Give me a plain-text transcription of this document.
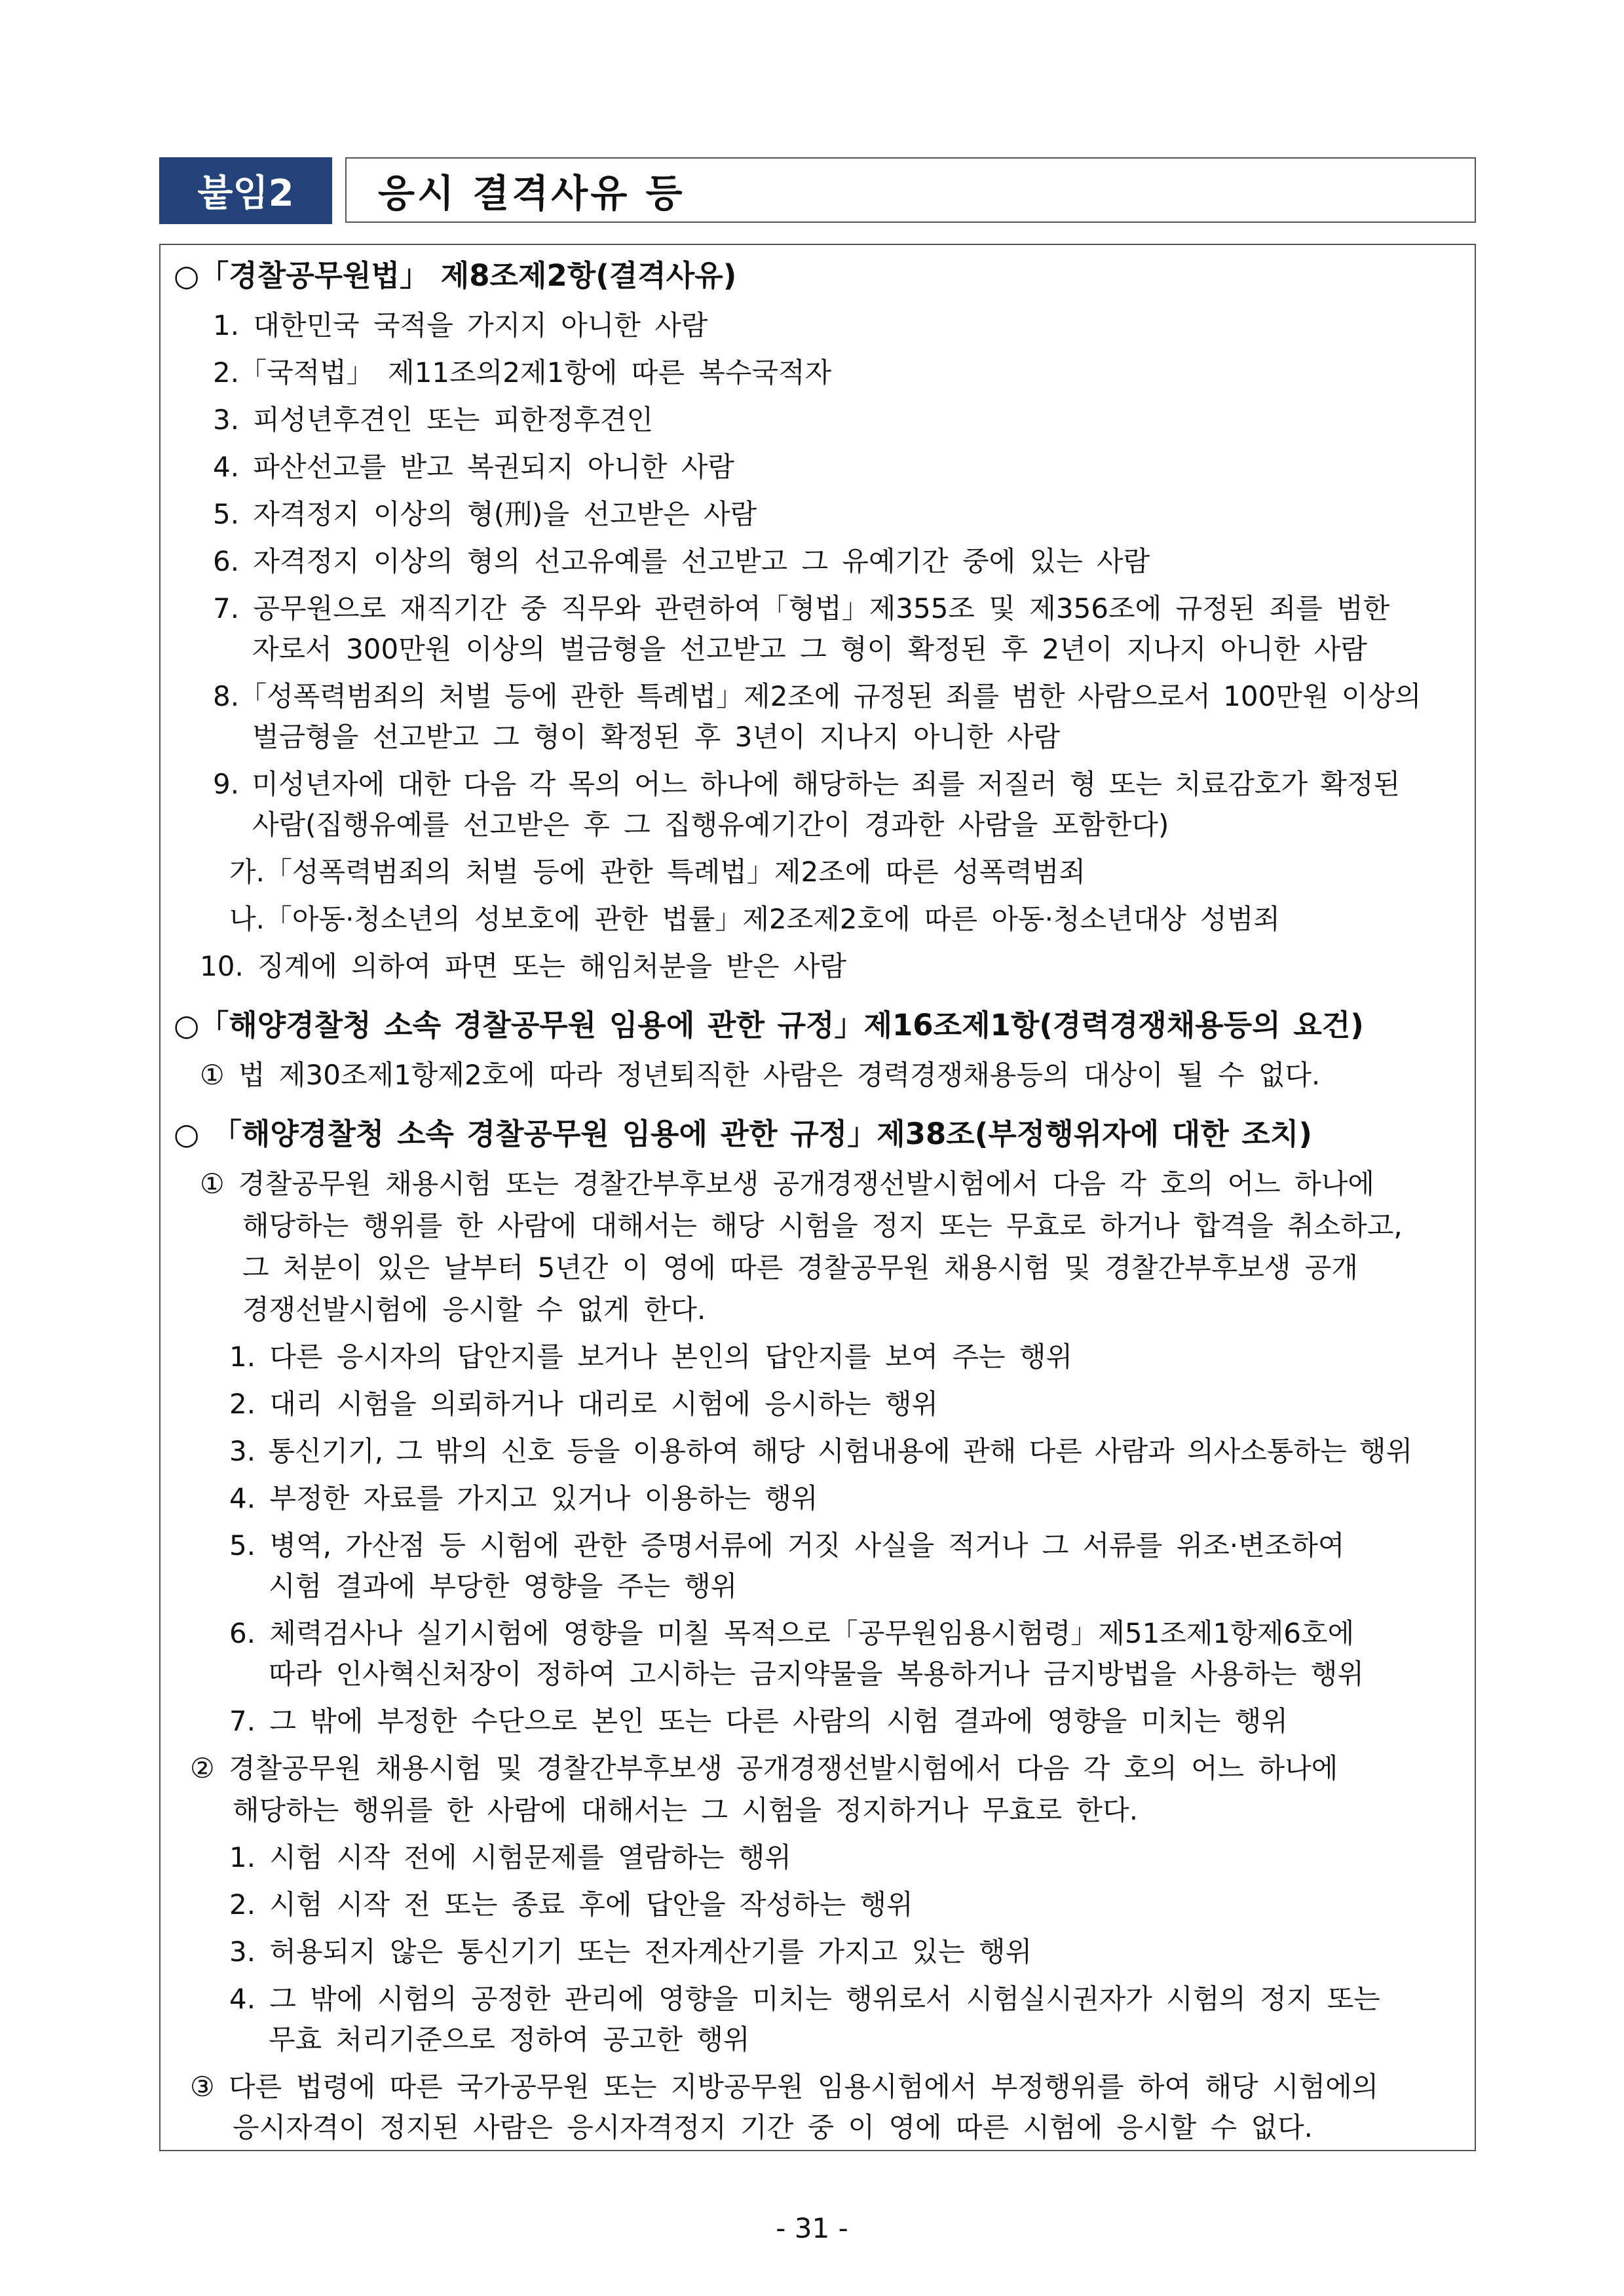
붙임2	응시 결격사유 등
○「경찰공무원법」 제8조제2항(결격사유)
1. 대한민국 국적을 가지지 아니한 사람
2.「국적법」 제11조의2제1항에 따른 복수국적자
3. 피성년후견인 또는 피한정후견인
4. 파산선고를 받고 복권되지 아니한 사람
5. 자격정지 이상의 형(刑)을 선고받은 사람
6. 자격정지 이상의 형의 선고유예를 선고받고 그 유예기간 중에 있는 사람
7. 공무원으로 재직기간 중 직무와 관련하여「형법」제355조 및 제356조에 규정된 죄를 범한
자로서 300만원 이상의 벌금형을 선고받고 그 형이 확정된 후 2년이 지나지 아니한 사람
8.「성폭력범죄의 처벌 등에 관한 특례법」제2조에 규정된 죄를 범한 사람으로서 100만원 이상의
벌금형을 선고받고 그 형이 확정된 후 3년이 지나지 아니한 사람
9. 미성년자에 대한 다음 각 목의 어느 하나에 해당하는 죄를 저질러 형 또는 치료감호가 확정된
사람(집행유예를 선고받은 후 그 집행유예기간이 경과한 사람을 포함한다)
가.「성폭력범죄의 처벌 등에 관한 특례법」제2조에 따른 성폭력범죄
나.「아동·청소년의 성보호에 관한 법률」제2조제2호에 따른 아동·청소년대상 성범죄
10. 징계에 의하여 파면 또는 해임처분을 받은 사람
○「해양경찰청 소속 경찰공무원 임용에 관한 규정」제16조제1항(경력경쟁채용등의 요건)
① 법 제30조제1항제2호에 따라 정년퇴직한 사람은 경력경쟁채용등의 대상이 될 수 없다.
○ 「해양경찰청 소속 경찰공무원 임용에 관한 규정」제38조(부정행위자에 대한 조치)
① 경찰공무원 채용시험 또는 경찰간부후보생 공개경쟁선발시험에서 다음 각 호의 어느 하나에
해당하는 행위를 한 사람에 대해서는 해당 시험을 정지 또는 무효로 하거나 합격을 취소하고,
그 처분이 있은 날부터 5년간 이 영에 따른 경찰공무원 채용시험 및 경찰간부후보생 공개
경쟁선발시험에 응시할 수 없게 한다.
1. 다른 응시자의 답안지를 보거나 본인의 답안지를 보여 주는 행위
2. 대리 시험을 의뢰하거나 대리로 시험에 응시하는 행위
3. 통신기기, 그 밖의 신호 등을 이용하여 해당 시험내용에 관해 다른 사람과 의사소통하는 행위
4. 부정한 자료를 가지고 있거나 이용하는 행위
5. 병역, 가산점 등 시험에 관한 증명서류에 거짓 사실을 적거나 그 서류를 위조·변조하여
시험 결과에 부당한 영향을 주는 행위
6. 체력검사나 실기시험에 영향을 미칠 목적으로「공무원임용시험령」제51조제1항제6호에
따라 인사혁신처장이 정하여 고시하는 금지약물을 복용하거나 금지방법을 사용하는 행위
7. 그 밖에 부정한 수단으로 본인 또는 다른 사람의 시험 결과에 영향을 미치는 행위
② 경찰공무원 채용시험 및 경찰간부후보생 공개경쟁선발시험에서 다음 각 호의 어느 하나에
해당하는 행위를 한 사람에 대해서는 그 시험을 정지하거나 무효로 한다.
1. 시험 시작 전에 시험문제를 열람하는 행위
2. 시험 시작 전 또는 종료 후에 답안을 작성하는 행위
3. 허용되지 않은 통신기기 또는 전자계산기를 가지고 있는 행위
4. 그 밖에 시험의 공정한 관리에 영향을 미치는 행위로서 시험실시권자가 시험의 정지 또는
무효 처리기준으로 정하여 공고한 행위
③ 다른 법령에 따른 국가공무원 또는 지방공무원 임용시험에서 부정행위를 하여 해당 시험에의
응시자격이 정지된 사람은 응시자격정지 기간 중 이 영에 따른 시험에 응시할 수 없다.
- 31 -
